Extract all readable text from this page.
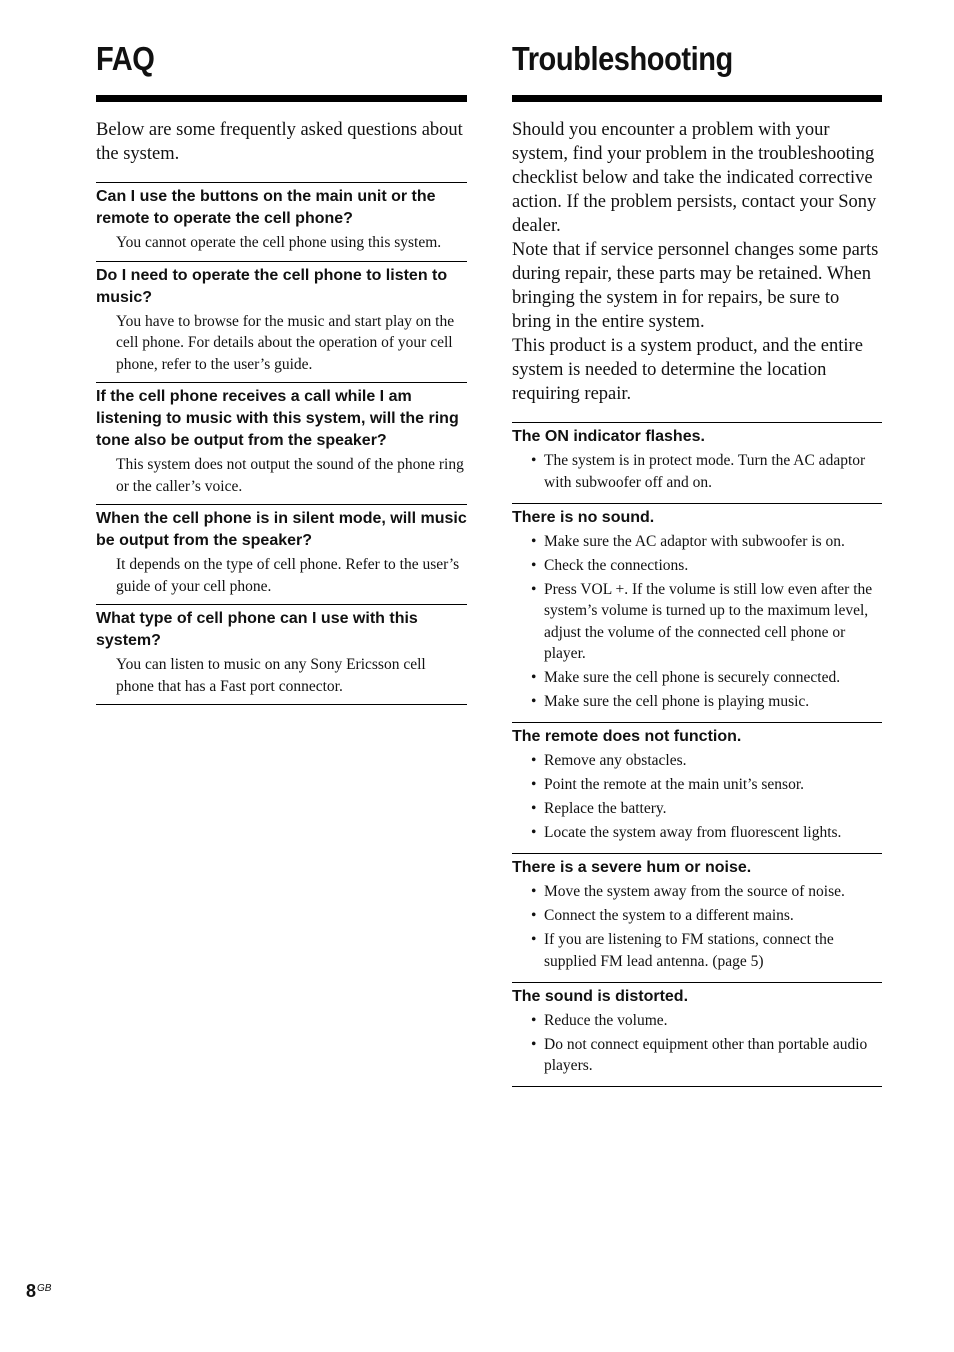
FAQ

Below are some frequently asked questions about the system.

Can I use the buttons on the main unit or the remote to operate the cell phone?

You cannot operate the cell phone using this system.

Do I need to operate the cell phone to listen to music?

You have to browse for the music and start play on the cell phone. For details about the operation of your cell phone, refer to the user’s guide.

If the cell phone receives a call while I am listening to music with this system, will the ring tone also be output from the speaker?

This system does not output the sound of the phone ring or the caller’s voice.

When the cell phone is in silent mode, will music be output from the speaker?

It depends on the type of cell phone. Refer to the user’s guide of your cell phone.

What type of cell phone can I use with this system?

You can listen to music on any Sony Ericsson cell phone that has a Fast port connector.

Troubleshooting
Should you encounter a problem with your system, find your problem in the troubleshooting checklist below and take the indicated corrective action. If the problem persists, contact your Sony dealer.
Note that if service personnel changes some parts during repair, these parts may be retained. When bringing the system in for repairs, be sure to bring in the entire system.
This product is a system product, and the entire system is needed to determine the location requiring repair.

The ON indicator flashes.

• The system is in protect mode. Turn the AC adaptor with subwoofer off and on.

There is no sound.

• Make sure the AC adaptor with subwoofer is on.
• Check the connections.
• Press VOL +. If the volume is still low even after the system’s volume is turned up to the maximum level, adjust the volume of the connected cell phone or player.
• Make sure the cell phone is securely connected.
• Make sure the cell phone is playing music.

The remote does not function.

• Remove any obstacles.
• Point the remote at the main unit’s sensor.
• Replace the battery.
• Locate the system away from fluorescent lights.

There is a severe hum or noise.

• Move the system away from the source of noise.
• Connect the system to a different mains.
• If you are listening to FM stations, connect the supplied FM lead antenna. (page 5)

The sound is distorted.

• Reduce the volume.
• Do not connect equipment other than portable audio players.
$8^{GB}$
